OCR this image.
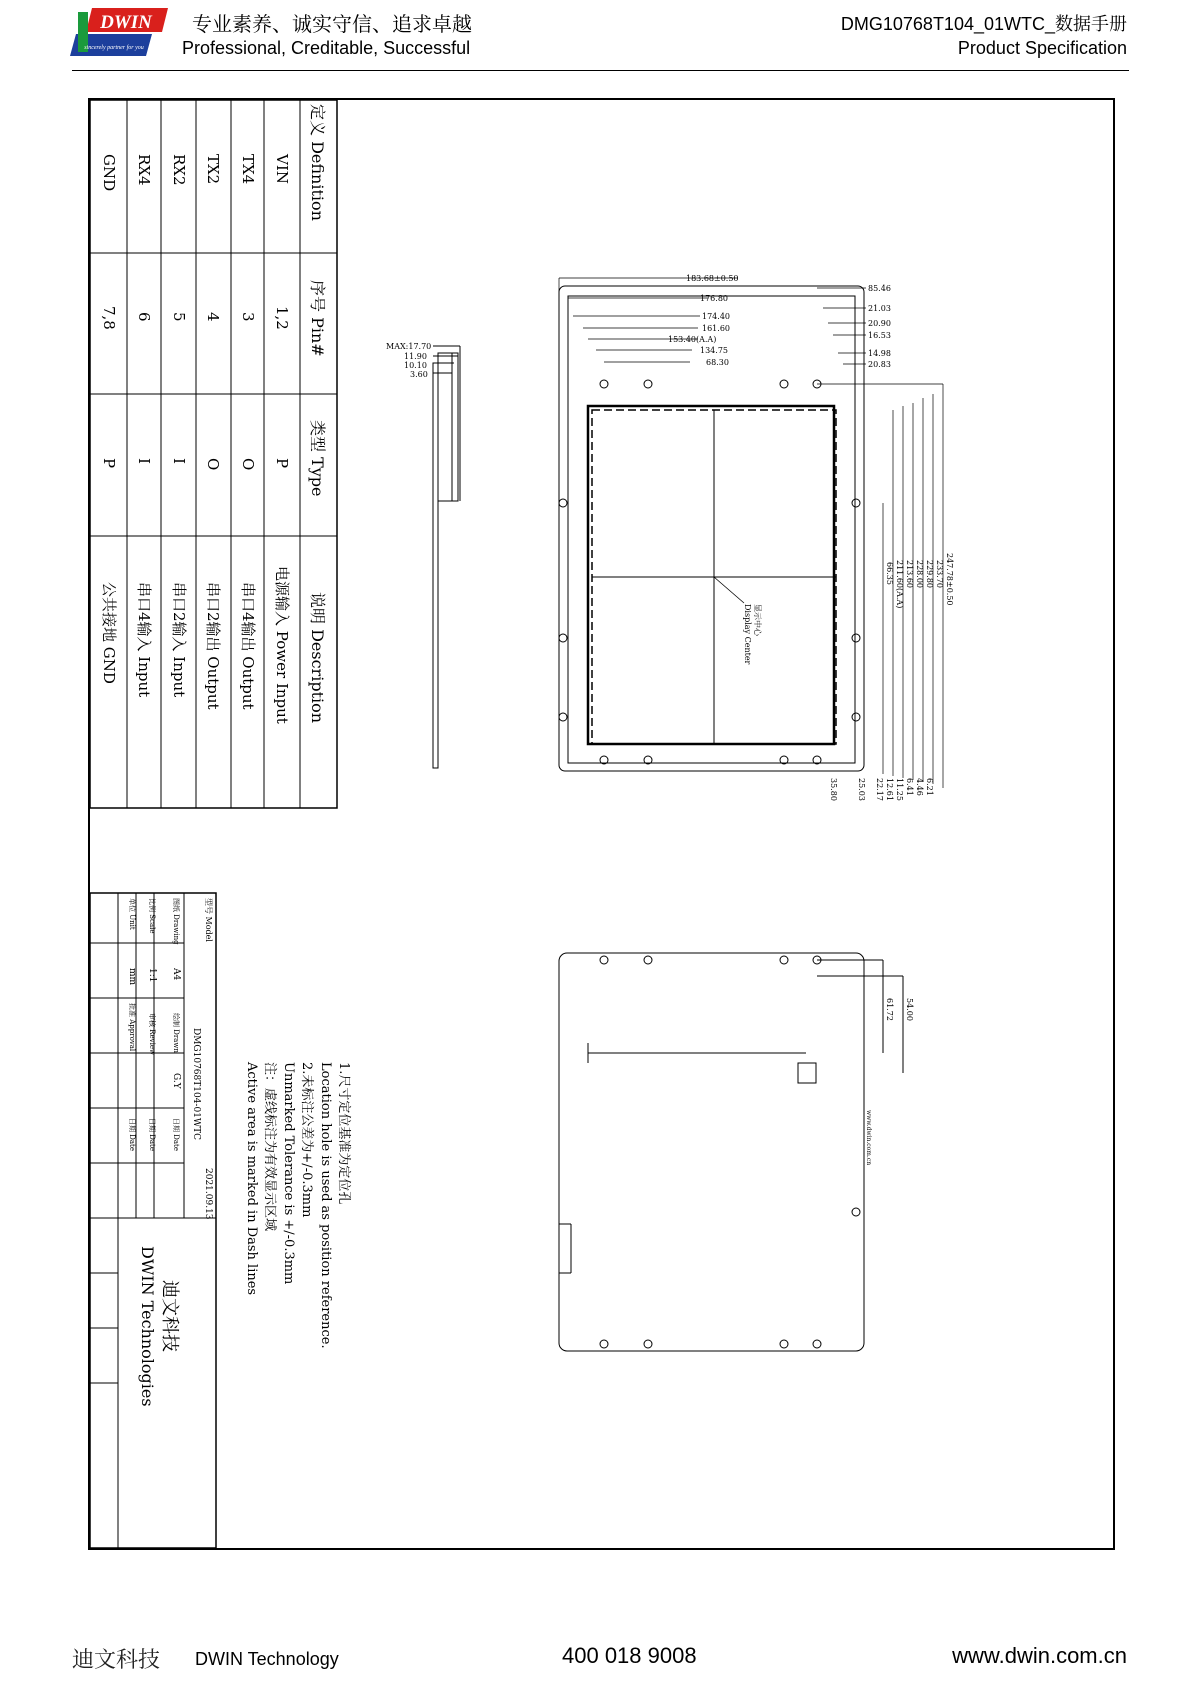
DWIN
sincerely partner for you
专业素养、诚实守信、追求卓越
Professional, Creditable, Successful
DMG10768T104_01WTC_数据手册
Product Specification
定义 Definition
序号 Pin#
类型 Type
说明 Description
VIN
1,2
P
电源输入 Power Input
TX4
3
O
串口4输出 Output
TX2
4
O
串口2输出 Output
RX2
5
I
串口2输入 Input
RX4
6
I
串口4输入 Input
GND
7,8
P
公共接地 GND
MAX:17.70
11.90
10.10
3.60
183.68±0.50
176.80
174.40
161.60
153.40(A.A)
134.75
68.30
85.46
21.03
20.90
16.53
14.98
20.83
247.78±0.50
233.70
229.80
228.00
213.60
211.60(A.A)
66.35
6.21
4.46
6.41
11.25
12.61
22.17
25.03
35.80
显示中心
Display Center
54.00
61.72
www.dwin.com.cn
1.尺寸定位基准为定位孔
Location hole is used as position reference.
2.未标注公差为+/-0.3mm
Unmarked Tolerance is +/-0.3mm
注：虚线标注为有效显示区域
Active area is marked in Dash lines
型号 Model
DMG10768T104-01WTC
图纸 Drawing
A4
比例 Scale
1:1
单位 Unit
mm
绘制 Drawn
G.Y
审核 Review
批准 Approval
日期 Date
日期 Date
日期 Date
2021.09.13
迪文科技
DWIN Technologies
迪文科技 DWIN Technology	400 018 9008	www.dwin.com.cn
